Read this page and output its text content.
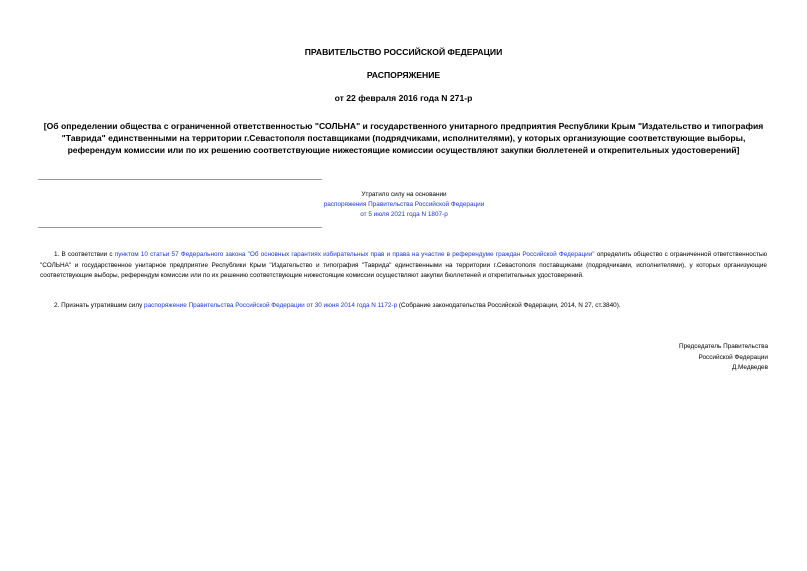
ПРАВИТЕЛЬСТВО РОССИЙСКОЙ ФЕДЕРАЦИИ
РАСПОРЯЖЕНИЕ
от 22 февраля 2016 года N 271-р
[Об определении общества с ограниченной ответственностью "СОЛЬНА" и государственного унитарного предприятия Республики Крым "Издательство и типография "Таврида" единственными на территории г.Севастополя поставщиками (подрядчиками, исполнителями), у которых организующие соответствующие выборы, референдум комиссии или по их решению соответствующие нижестоящие комиссии осуществляют закупки бюллетеней и открепительных удостоверений]
Утратило силу на основании
распоряжения Правительства Российской Федерации
от 5 июля 2021 года N 1807-р
1. В соответствии с пунктом 10 статьи 57 Федерального закона "Об основных гарантиях избирательных прав и права на участие в референдуме граждан Российской Федерации" определить общество с ограниченной ответственностью "СОЛЬНА" и государственное унитарное предприятие Республики Крым "Издательство и типография "Таврида" единственными на территории г.Севастополя поставщиками (подрядчиками, исполнителями), у которых организующие соответствующие выборы, референдум комиссии или по их решению соответствующие нижестоящие комиссии осуществляют закупки бюллетеней и открепительных удостоверений.
2. Признать утратившим силу распоряжение Правительства Российской Федерации от 30 июня 2014 года N 1172-р (Собрание законодательства Российской Федерации, 2014, N 27, ст.3840).
Председатель Правительства
Российской Федерации
Д.Медведев
